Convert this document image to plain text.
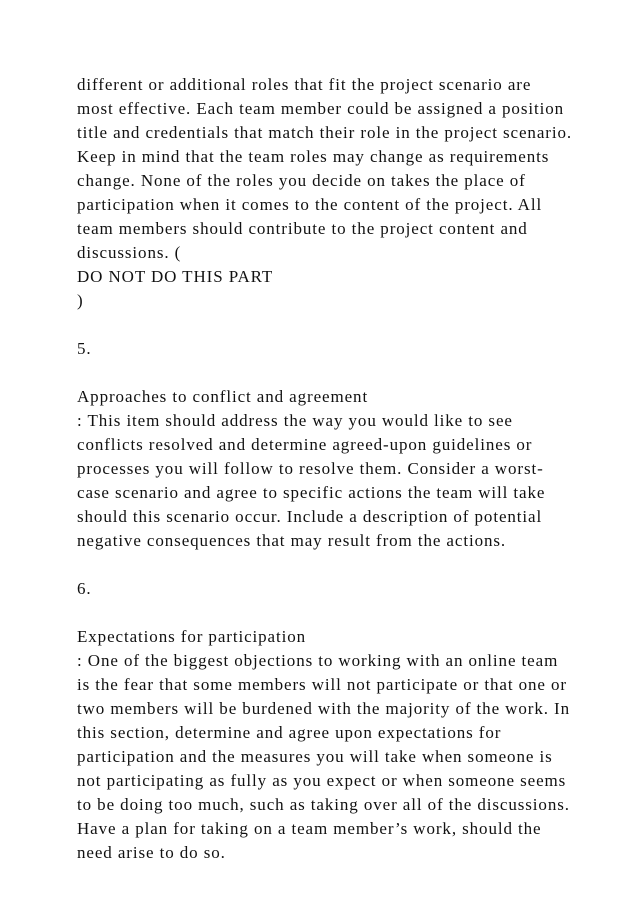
different or additional roles that fit the project scenario are
most effective. Each team member could be assigned a position
title and credentials that match their role in the project scenario.
Keep in mind that the team roles may change as requirements
change. None of the roles you decide on takes the place of
participation when it comes to the content of the project. All
team members should contribute to the project content and
discussions. (
DO NOT DO THIS PART
)
5.
Approaches to conflict and agreement
: This item should address the way you would like to see
conflicts resolved and determine agreed-upon guidelines or
processes you will follow to resolve them. Consider a worst-
case scenario and agree to specific actions the team will take
should this scenario occur. Include a description of potential
negative consequences that may result from the actions.
6.
Expectations for participation
: One of the biggest objections to working with an online team
is the fear that some members will not participate or that one or
two members will be burdened with the majority of the work. In
this section, determine and agree upon expectations for
participation and the measures you will take when someone is
not participating as fully as you expect or when someone seems
to be doing too much, such as taking over all of the discussions.
Have a plan for taking on a team member’s work, should the
need arise to do so.
